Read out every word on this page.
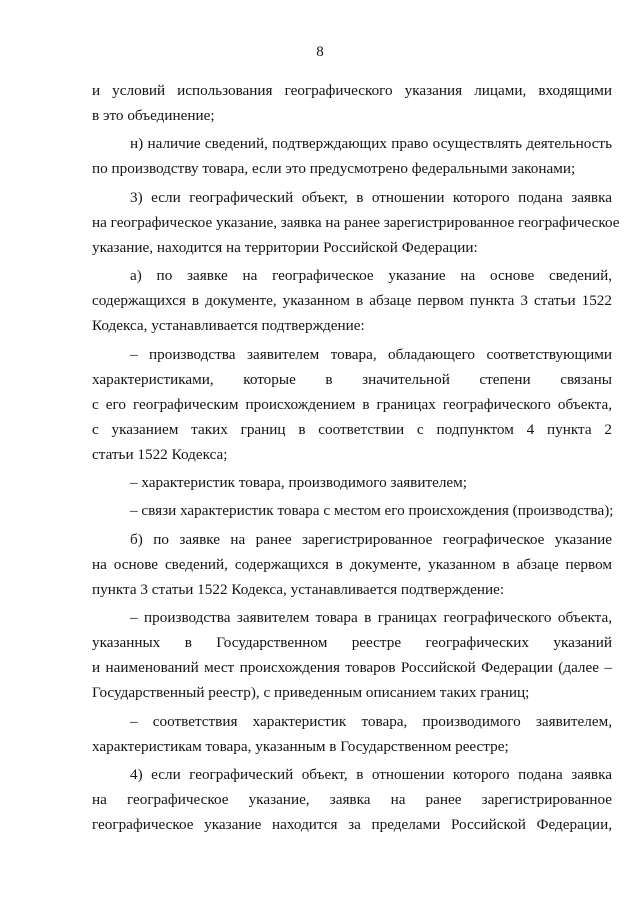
8
и условий использования географического указания лицами, входящими
в это объединение;
н) наличие сведений, подтверждающих право осуществлять деятельность
по производству товара, если это предусмотрено федеральными законами;
3) если географический объект, в отношении которого подана заявка
на географическое указание, заявка на ранее зарегистрированное географическое
указание, находится на территории Российской Федерации:
а) по заявке на географическое указание на основе сведений,
содержащихся в документе, указанном в абзаце первом пункта 3 статьи 1522
Кодекса, устанавливается подтверждение:
– производства заявителем товара, обладающего соответствующими
характеристиками, которые в значительной степени связаны
с его географическим происхождением в границах географического объекта,
с указанием таких границ в соответствии с подпунктом 4 пункта 2
статьи 1522 Кодекса;
– характеристик товара, производимого заявителем;
– связи характеристик товара с местом его происхождения (производства);
б) по заявке на ранее зарегистрированное географическое указание
на основе сведений, содержащихся в документе, указанном в абзаце первом
пункта 3 статьи 1522 Кодекса, устанавливается подтверждение:
– производства заявителем товара в границах географического объекта,
указанных в Государственном реестре географических указаний
и наименований мест происхождения товаров Российской Федерации (далее –
Государственный реестр), с приведенным описанием таких границ;
– соответствия характеристик товара, производимого заявителем,
характеристикам товара, указанным в Государственном реестре;
4) если географический объект, в отношении которого подана заявка
на географическое указание, заявка на ранее зарегистрированное
географическое указание находится за пределами Российской Федерации,
